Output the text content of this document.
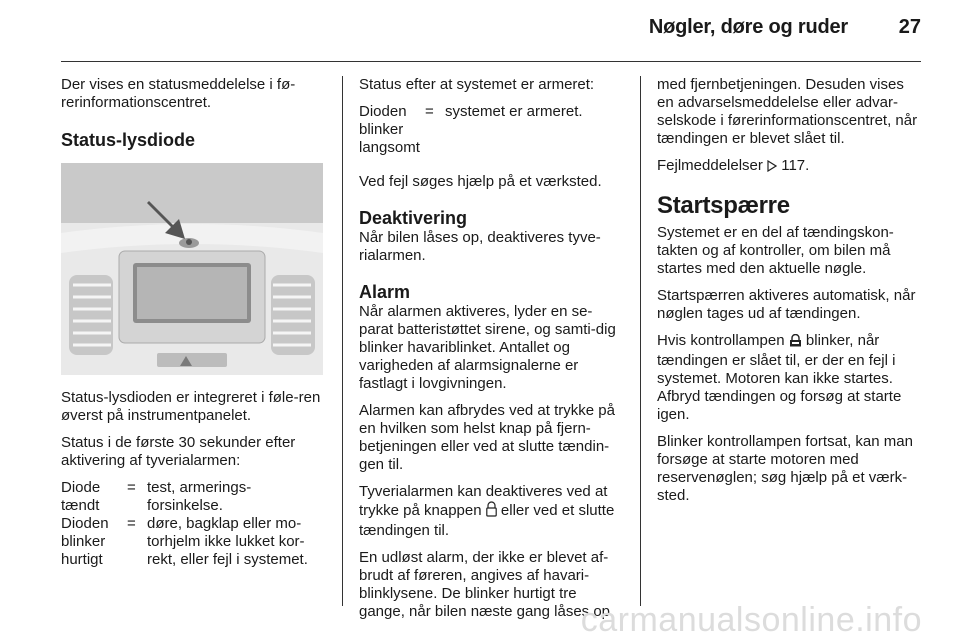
Nøgler, døre og ruder	27

Der vises en statusmeddelelse i fø-rerinformationscentret.

Status-lysdiode

Status-lysdioden er integreret i føle-ren øverst på instrumentpanelet.

Status i de første 30 sekunder efter aktivering af tyverialarmen:

Diode tændt	=	test, armerings-forsinkelse.
Dioden blinker hurtigt	=	døre, bagklap eller mo-torhjelm ikke lukket kor-rekt, eller fejl i systemet.

Status efter at systemet er armeret:

Dioden blinker langsomt	=	systemet er armeret.

Ved fejl søges hjælp på et værksted.

Deaktivering

Når bilen låses op, deaktiveres tyve-rialarmen.

Alarm

Når alarmen aktiveres, lyder en se-parat batteristøttet sirene, og samti-dig blinker havariblinket. Antallet og varigheden af alarmsignalerne er fastlagt i lovgivningen.

Alarmen kan afbrydes ved at trykke på en hvilken som helst knap på fjern-betjeningen eller ved at slutte tændin-gen til.

Tyverialarmen kan deaktiveres ved at trykke på knappen eller ved et slutte tændingen til.

En udløst alarm, der ikke er blevet af-brudt af føreren, angives af havari-blinklysene. De blinker hurtigt tre gange, når bilen næste gang låses op

med fjernbetjeningen. Desuden vises en advarselsmeddelelse eller advar-selskode i førerinformationscentret, når tændingen er blevet slået til.

Fejlmeddelelser 117.

Startspærre

Systemet er en del af tændingskon-takten og af kontroller, om bilen må startes med den aktuelle nøgle.

Startspærren aktiveres automatisk, når nøglen tages ud af tændingen.

Hvis kontrollampen blinker, når tændingen er slået til, er der en fejl i systemet. Motoren kan ikke startes. Afbryd tændingen og forsøg at starte igen.

Blinker kontrollampen fortsat, kan man forsøge at starte motoren med reservenøglen; søg hjælp på et værk-sted.

carmanualsonline.info
